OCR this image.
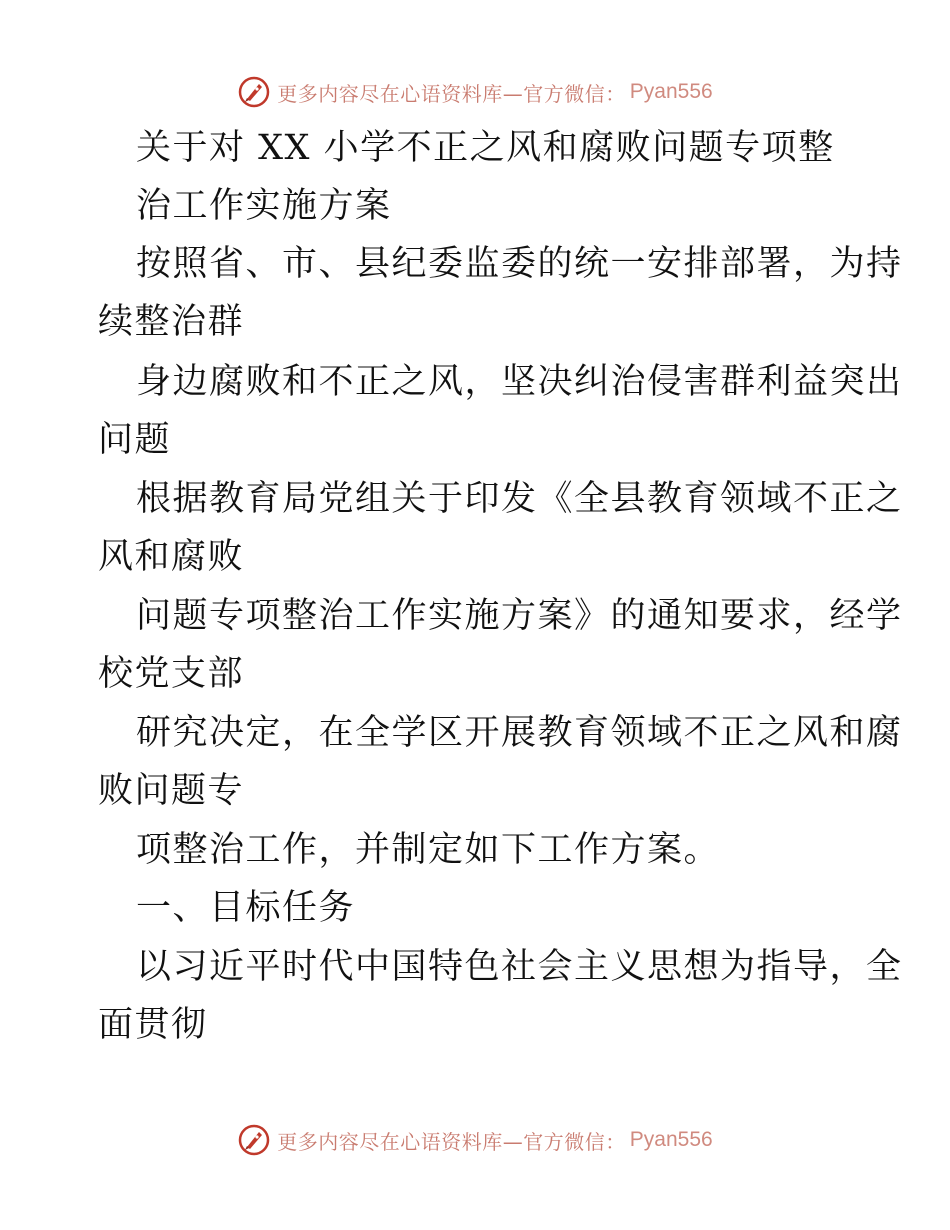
更多内容尽在心语资料库—官方微信： Pyan556
关于对 XX 小学不正之风和腐败问题专项整
治工作实施方案
按照省、市、县纪委监委的统一安排部署，为持
续整治群
身边腐败和不正之风，坚决纠治侵害群利益突出
问题
根据教育局党组关于印发《全县教育领域不正之
风和腐败
问题专项整治工作实施方案》的通知要求，经学
校党支部
研究决定，在全学区开展教育领域不正之风和腐
败问题专
项整治工作，并制定如下工作方案。
一、目标任务
以习近平时代中国特色社会主义思想为指导，全
面贯彻
更多内容尽在心语资料库—官方微信： Pyan556
